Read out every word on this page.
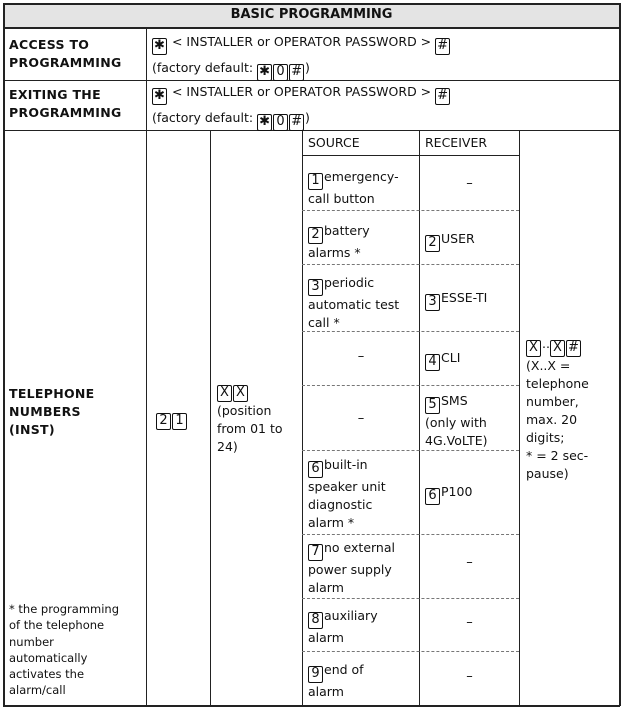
BASIC PROGRAMMING
ACCESS TO
PROGRAMMING
✱ < INSTALLER or OPERATOR PASSWORD > #
(factory default: ✱ 0 # )
EXITING THE
PROGRAMMING
✱ < INSTALLER or OPERATOR PASSWORD > #
(factory default: ✱ 0 # )
TELEPHONE
NUMBERS
(INST)
* the programming
of the telephone
number
automatically
activates the
alarm/call
2 1
X X
(position
from 01 to
24)
SOURCE	RECEIVER
1 emergency-
call button
–
2 battery
alarms *
2 USER
3 periodic
automatic test
call *
3 ESSE-TI
–	4 CLI
–
5 SMS
(only with
4G.VoLTE)
6 built-in
speaker unit
diagnostic
alarm *
6 P100
7 no external
power supply
alarm
–
8 auxiliary
alarm
–
9 end of
alarm
–
X .. X #
(X..X =
telephone
number,
max. 20
digits;
* = 2 sec-
pause)
